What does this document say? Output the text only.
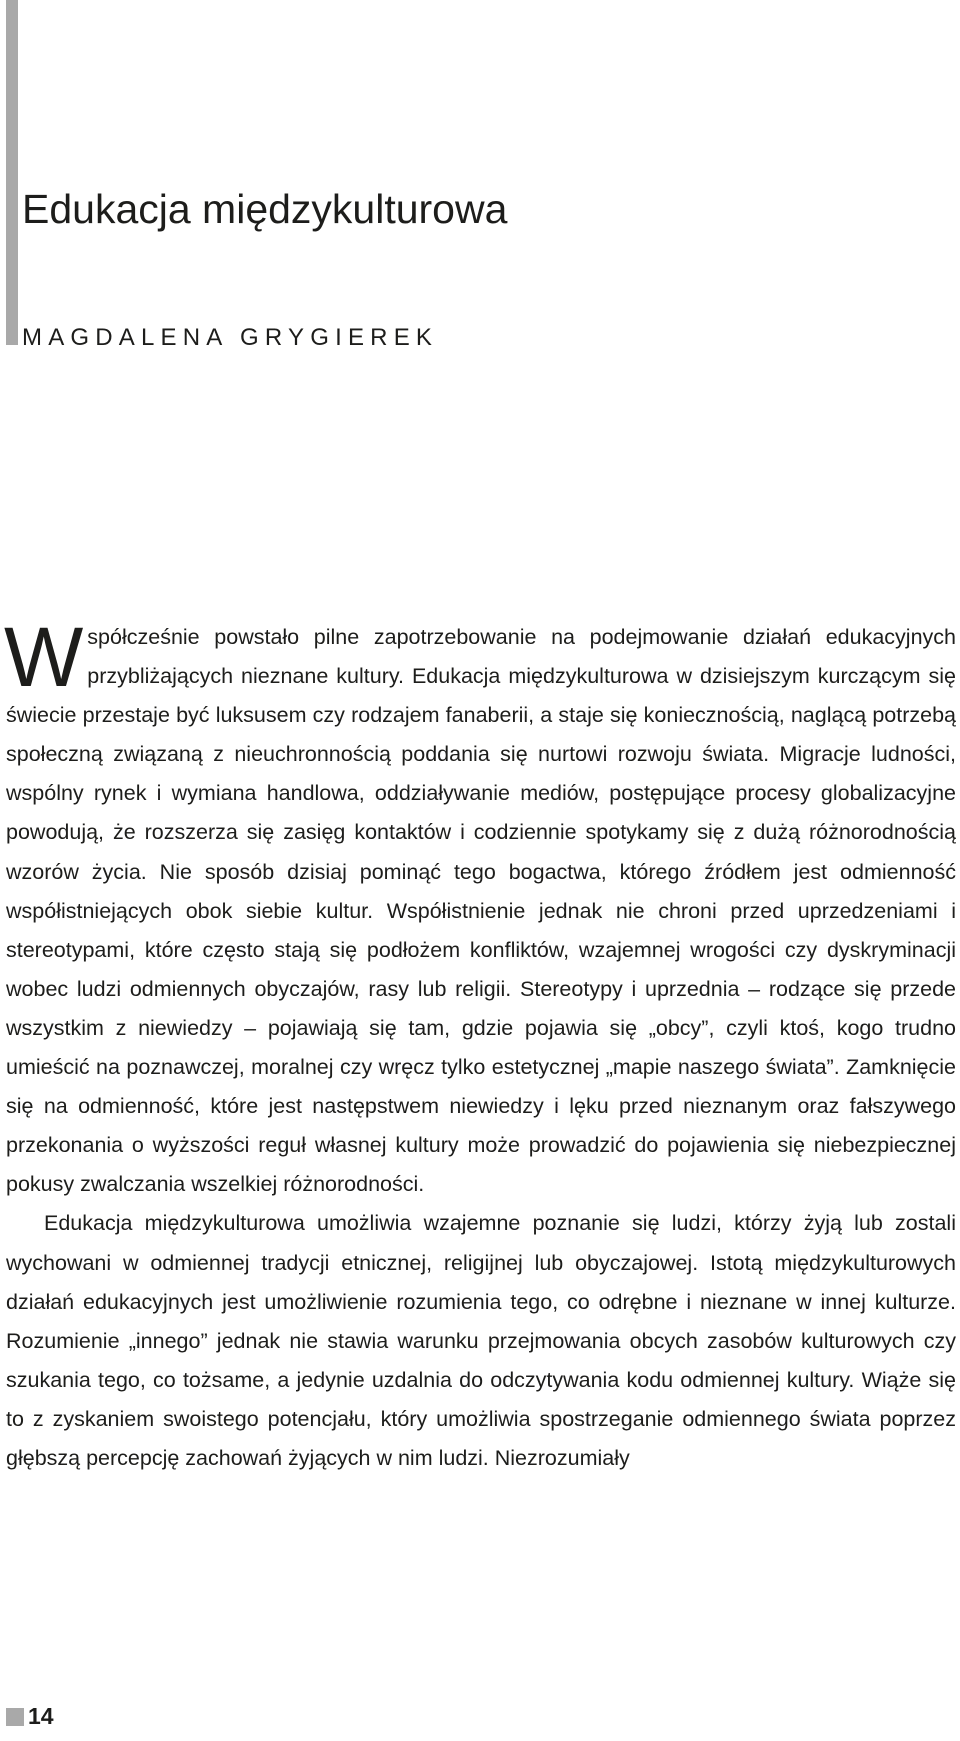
Edukacja międzykulturowa
MAGDALENA GRYGIEREK

Współcześnie powstało pilne zapotrzebowanie na podejmowanie działań edukacyjnych przybliżających nieznane kultury. Edukacja międzykulturowa w dzisiejszym kurczącym się świecie przestaje być luksusem czy rodzajem fanaberii, a staje się koniecznością, naglącą potrzebą społeczną związaną z nieuchronnością poddania się nurtowi rozwoju świata. Migracje ludności, wspólny rynek i wymiana handlowa, oddziaływanie mediów, postępujące procesy globalizacyjne powodują, że rozszerza się zasięg kontaktów i codziennie spotykamy się z dużą różnorodnością wzorów życia. Nie sposób dzisiaj pominąć tego bogactwa, którego źródłem jest odmienność współistniejących obok siebie kultur. Współistnienie jednak nie chroni przed uprzedzeniami i stereotypami, które często stają się podłożem konfliktów, wzajemnej wrogości czy dyskryminacji wobec ludzi odmiennych obyczajów, rasy lub religii. Stereotypy i uprzednia – rodzące się przede wszystkim z niewiedzy – pojawiają się tam, gdzie pojawia się „obcy”, czyli ktoś, kogo trudno umieścić na poznawczej, moralnej czy wręcz tylko estetycznej „mapie naszego świata”. Zamknięcie się na odmienność, które jest następstwem niewiedzy i lęku przed nieznanym oraz fałszywego przekonania o wyższości reguł własnej kultury może prowadzić do pojawienia się niebezpiecznej pokusy zwalczania wszelkiej różnorodności.

Edukacja międzykulturowa umożliwia wzajemne poznanie się ludzi, którzy żyją lub zostali wychowani w odmiennej tradycji etnicznej, religijnej lub obyczajowej. Istotą międzykulturowych działań edukacyjnych jest umożliwienie rozumienia tego, co odrębne i nieznane w innej kulturze. Rozumienie „innego” jednak nie stawia warunku przejmowania obcych zasobów kulturowych czy szukania tego, co tożsame, a jedynie uzdalnia do odczytywania kodu odmiennej kultury. Wiąże się to z zyskaniem swoistego potencjału, który umożliwia spostrzeganie odmiennego świata poprzez głębszą percepcję zachowań żyjących w nim ludzi. Niezrozumiały

14
